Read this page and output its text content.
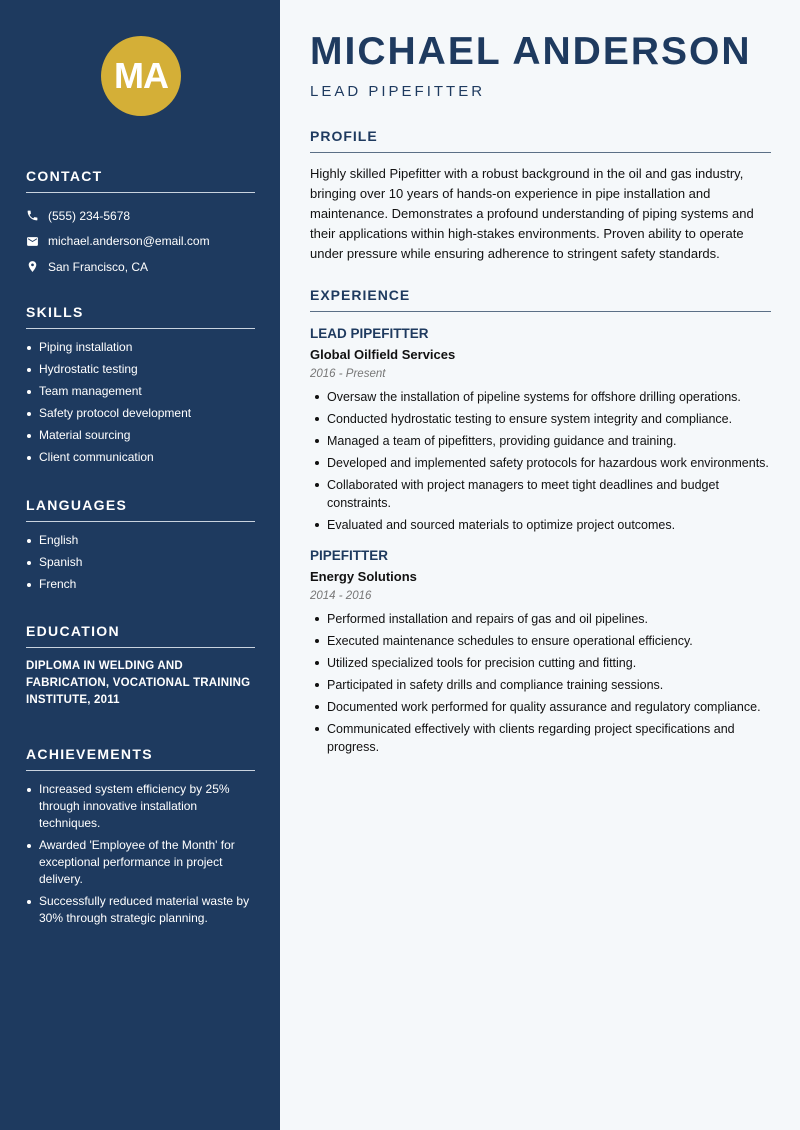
MA
CONTACT
(555) 234-5678
michael.anderson@email.com
San Francisco, CA
SKILLS
Piping installation
Hydrostatic testing
Team management
Safety protocol development
Material sourcing
Client communication
LANGUAGES
English
Spanish
French
EDUCATION
DIPLOMA IN WELDING AND FABRICATION, VOCATIONAL TRAINING INSTITUTE, 2011
ACHIEVEMENTS
Increased system efficiency by 25% through innovative installation techniques.
Awarded 'Employee of the Month' for exceptional performance in project delivery.
Successfully reduced material waste by 30% through strategic planning.
MICHAEL ANDERSON
LEAD PIPEFITTER
PROFILE

Highly skilled Pipefitter with a robust background in the oil and gas industry, bringing over 10 years of hands-on experience in pipe installation and maintenance. Demonstrates a profound understanding of piping systems and their applications within high-stakes environments. Proven ability to operate under pressure while ensuring adherence to stringent safety standards.

EXPERIENCE
LEAD PIPEFITTER
Global Oilfield Services
2016 - Present
Oversaw the installation of pipeline systems for offshore drilling operations.
Conducted hydrostatic testing to ensure system integrity and compliance.
Managed a team of pipefitters, providing guidance and training.
Developed and implemented safety protocols for hazardous work environments.
Collaborated with project managers to meet tight deadlines and budget constraints.
Evaluated and sourced materials to optimize project outcomes.
PIPEFITTER
Energy Solutions
2014 - 2016
Performed installation and repairs of gas and oil pipelines.
Executed maintenance schedules to ensure operational efficiency.
Utilized specialized tools for precision cutting and fitting.
Participated in safety drills and compliance training sessions.
Documented work performed for quality assurance and regulatory compliance.
Communicated effectively with clients regarding project specifications and progress.
